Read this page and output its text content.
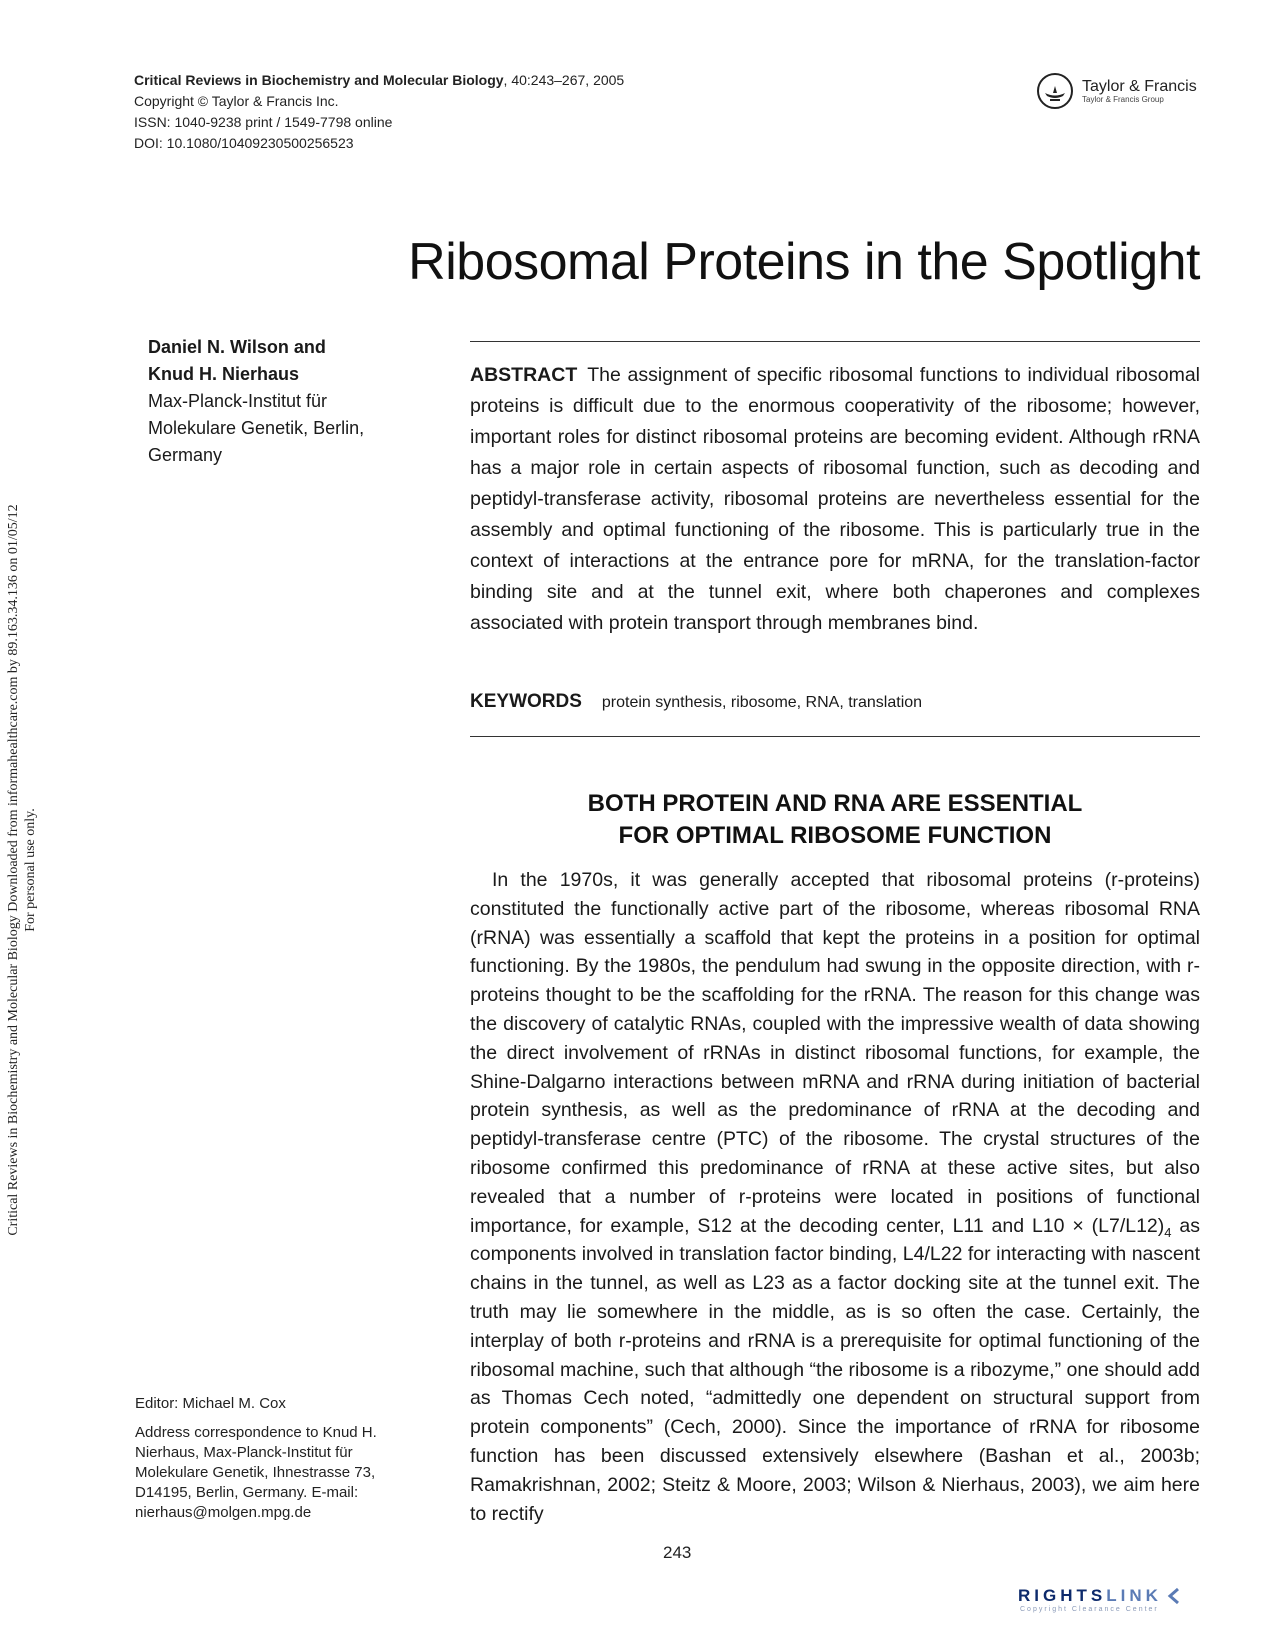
Critical Reviews in Biochemistry and Molecular Biology, 40:243–267, 2005
Copyright © Taylor & Francis Inc.
ISSN: 1040-9238 print / 1549-7798 online
DOI: 10.1080/10409230500256523
Taylor & Francis
Taylor & Francis Group
Critical Reviews in Biochemistry and Molecular Biology Downloaded from informahealthcare.com by 89.163.34.136 on 01/05/12 For personal use only.
Ribosomal Proteins in the Spotlight
Daniel N. Wilson and
Knud H. Nierhaus
Max-Planck-Institut für
Molekulare Genetik, Berlin,
Germany

ABSTRACT The assignment of specific ribosomal functions to individual ribosomal proteins is difficult due to the enormous cooperativity of the ribosome; however, important roles for distinct ribosomal proteins are becoming evident. Although rRNA has a major role in certain aspects of ribosomal function, such as decoding and peptidyl-transferase activity, ribosomal proteins are nevertheless essential for the assembly and optimal functioning of the ribosome. This is particularly true in the context of interactions at the entrance pore for mRNA, for the translation-factor binding site and at the tunnel exit, where both chaperones and complexes associated with protein transport through membranes bind.

KEYWORDS protein synthesis, ribosome, RNA, translation
BOTH PROTEIN AND RNA ARE ESSENTIAL
FOR OPTIMAL RIBOSOME FUNCTION

In the 1970s, it was generally accepted that ribosomal proteins (r-proteins) constituted the functionally active part of the ribosome, whereas ribosomal RNA (rRNA) was essentially a scaffold that kept the proteins in a position for optimal functioning. By the 1980s, the pendulum had swung in the opposite direction, with r-proteins thought to be the scaffolding for the rRNA. The reason for this change was the discovery of catalytic RNAs, coupled with the impressive wealth of data showing the direct involvement of rRNAs in distinct ribosomal functions, for example, the Shine-Dalgarno interactions between mRNA and rRNA during initiation of bacterial protein synthesis, as well as the predominance of rRNA at the decoding and peptidyl-transferase centre (PTC) of the ribosome. The crystal structures of the ribosome confirmed this predominance of rRNA at these active sites, but also revealed that a number of r-proteins were located in positions of functional importance, for example, S12 at the decoding center, L11 and $L10 \times (L7/L12)_4$ as components involved in translation factor binding, L4/L22 for interacting with nascent chains in the tunnel, as well as L23 as a factor docking site at the tunnel exit. The truth may lie somewhere in the middle, as is so often the case. Certainly, the interplay of both r-proteins and rRNA is a prerequisite for optimal functioning of the ribosomal machine, such that although “the ribosome is a ribozyme,” one should add as Thomas Cech noted, “admittedly one dependent on structural support from protein components” (Cech, 2000). Since the importance of rRNA for ribosome function has been discussed extensively elsewhere (Bashan et al., 2003b; Ramakrishnan, 2002; Steitz & Moore, 2003; Wilson & Nierhaus, 2003), we aim here to rectify

Editor: Michael M. Cox

Address correspondence to Knud H. Nierhaus, Max-Planck-Institut für Molekulare Genetik, Ihnestrasse 73, D14195, Berlin, Germany. E-mail: nierhaus@molgen.mpg.de

243
RIGHTSLINK
Copyright Clearance Center
